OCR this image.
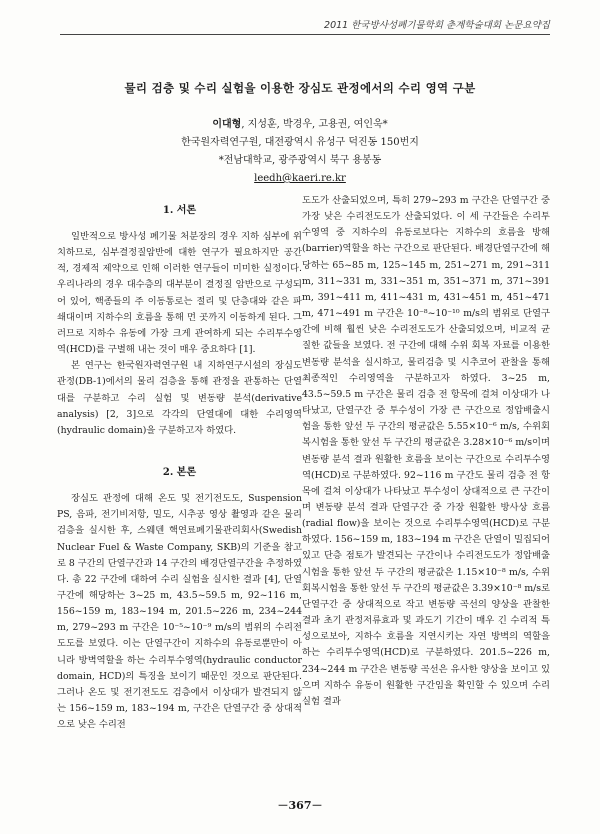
2011 한국방사성폐기물학회 춘계학술대회 논문요약집
물리 검층 및 수리 실험을 이용한 장심도 관정에서의 수리 영역 구분
이대형, 지성훈, 박경우, 고용권, 여인욱*
한국원자력연구원, 대전광역시 유성구 덕진동 150번지
*전남대학교, 광주광역시 북구 용봉동
leedh@kaeri.re.kr
1. 서론

일반적으로 방사성 폐기물 처분장의 경우 지하 심부에 위치하므로, 심부결정질암반에 대한 연구가 필요하지만 공간적, 경제적 제약으로 인해 이러한 연구들이 미미한 실정이다. 우리나라의 경우 대수층의 대부분이 결정질 암반으로 구성되어 있어, 핵종들의 주 이동통로는 절리 및 단층대와 같은 파쇄대이며 지하수의 흐름을 통해 먼 곳까지 이동하게 된다. 그러므로 지하수 유동에 가장 크게 관여하게 되는 수리투수영역(HCD)를 구별해 내는 것이 매우 중요하다 [1].

본 연구는 한국원자력연구원 내 지하연구시설의 장심도 관정(DB-1)에서의 물리 검층을 통해 관정을 관통하는 단열대를 구분하고 수리 실험 및 변동량 분석(derivative analysis) [2, 3]으로 각각의 단열대에 대한 수리영역(hydraulic domain)을 구분하고자 하였다.

2. 본론

장심도 관정에 대해 온도 및 전기전도도, Suspension PS, 음파, 전기비저항, 밀도, 시추공 영상 촬영과 같은 물리검층을 실시한 후, 스웨덴 핵연료폐기물관리회사(Swedish Nuclear Fuel & Waste Company, SKB)의 기준을 참고로 8 구간의 단열구간과 14 구간의 배경단열구간을 추정하였다. 총 22 구간에 대하여 수리 실험을 실시한 결과 [4], 단열구간에 해당하는 3~25 m, 43.5~59.5 m, 92~116 m, 156~159 m, 183~194 m, 201.5~226 m, 234~244 m, 279~293 m 구간은 10⁻⁵~10⁻⁹ m/s의 범위의 수리전도도를 보였다. 이는 단열구간이 지하수의 유동로뿐만이 아니라 방벽역할을 하는 수리투수영역(hydraulic conductor domain, HCD)의 특징을 보이기 때문인 것으로 판단된다. 그러나 온도 및 전기전도도 검층에서 이상대가 발견되지 않는 156~159 m, 183~194 m, 구간은 단열구간 중 상대적으로 낮은 수리전

도도가 산출되었으며, 특히 279~293 m 구간은 단열구간 중 가장 낮은 수리전도도가 산출되었다. 이 세 구간들은 수리투수영역 중 지하수의 유동로보다는 지하수의 흐름을 방해(barrier)역할을 하는 구간으로 판단된다. 배경단열구간에 해당하는 65~85 m, 125~145 m, 251~271 m, 291~311 m, 311~331 m, 331~351 m, 351~371 m, 371~391 m, 391~411 m, 411~431 m, 431~451 m, 451~471 m, 471~491 m 구간은 10⁻⁸~10⁻¹⁰ m/s의 범위로 단열구간에 비해 훨씬 낮은 수리전도도가 산출되었으며, 비교적 균질한 값들을 보였다. 전 구간에 대해 수위 회복 자료를 이용한 변동량 분석을 실시하고, 물리검층 및 시추코어 관찰을 통해 최종적인 수리영역을 구분하고자 하였다. 3~25 m, 43.5~59.5 m 구간은 물리 검층 전 항목에 걸쳐 이상대가 나타났고, 단열구간 중 투수성이 가장 큰 구간으로 정압배출시험을 통한 앞선 두 구간의 평균값은 5.55×10⁻⁶ m/s, 수위회복시험을 통한 앞선 두 구간의 평균값은 3.28×10⁻⁶ m/s이며 변동량 분석 결과 원활한 흐름을 보이는 구간으로 수리투수영역(HCD)로 구분하였다. 92~116 m 구간도 물리 검층 전 항목에 걸쳐 이상대가 나타났고 투수성이 상대적으로 큰 구간이며 변동량 분석 결과 단열구간 중 가장 원활한 방사상 흐름(radial flow)을 보이는 것으로 수리투수영역(HCD)로 구분하였다. 156~159 m, 183~194 m 구간은 단열이 밀집되어 있고 단층 점토가 발견되는 구간이나 수리전도도가 정압배출시험을 통한 앞선 두 구간의 평균값은 1.15×10⁻⁸ m/s, 수위회복시험을 통한 앞선 두 구간의 평균값은 3.39×10⁻⁸ m/s로 단열구간 중 상대적으로 작고 변동량 곡선의 양상을 관찰한 결과 초기 관정저류효과 및 과도기 기간이 매우 긴 수리적 특성으로보아, 지하수 흐름을 지연시키는 자연 방벽의 역할을 하는 수리투수영역(HCD)로 구분하였다. 201.5~226 m, 234~244 m 구간은 변동량 곡선은 유사한 양상을 보이고 있으며 지하수 유동이 원활한 구간임을 확인할 수 있으며 수리 실험 결과

－367－
